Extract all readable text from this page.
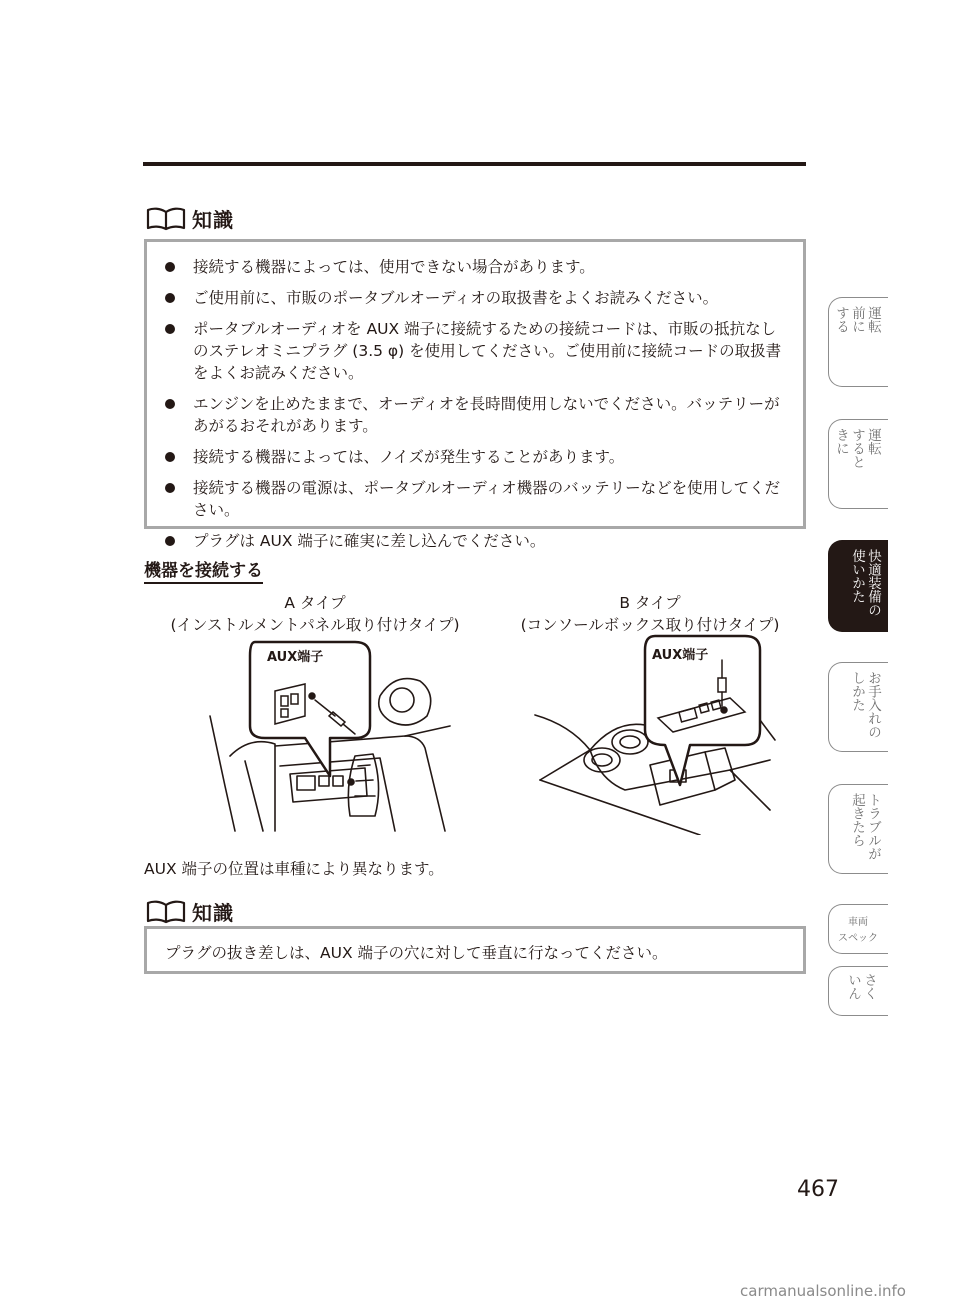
知識
接続する機器によっては、使用できない場合があります。
ご使用前に、市販のポータブルオーディオの取扱書をよくお読みください。
ポータブルオーディオを AUX 端子に接続するための接続コードは、市販の抵抗なしのステレオミニプラグ (3.5 φ) を使用してください。ご使用前に接続コードの取扱書をよくお読みください。
エンジンを止めたままで、オーディオを長時間使用しないでください。バッテリーがあがるおそれがあります。
接続する機器によっては、ノイズが発生することがあります。
接続する機器の電源は、ポータブルオーディオ機器のバッテリーなどを使用してください。
プラグは AUX 端子に確実に差し込んでください。
機器を接続する
A タイプ
(インストルメントパネル取り付けタイプ)
B タイプ
(コンソールボックス取り付けタイプ)
AUX端子	AUX端子
AUX 端子の位置は車種により異なります。
知識
プラグの抜き差しは、AUX 端子の穴に対して垂直に行なってください。
運転
前に
する
運転
すると
きに
快適装備の
使いかた
お手入れの
しかた
トラブルが
起きたら
車両
スペック
さく
いん
467
carmanualsonline.info
